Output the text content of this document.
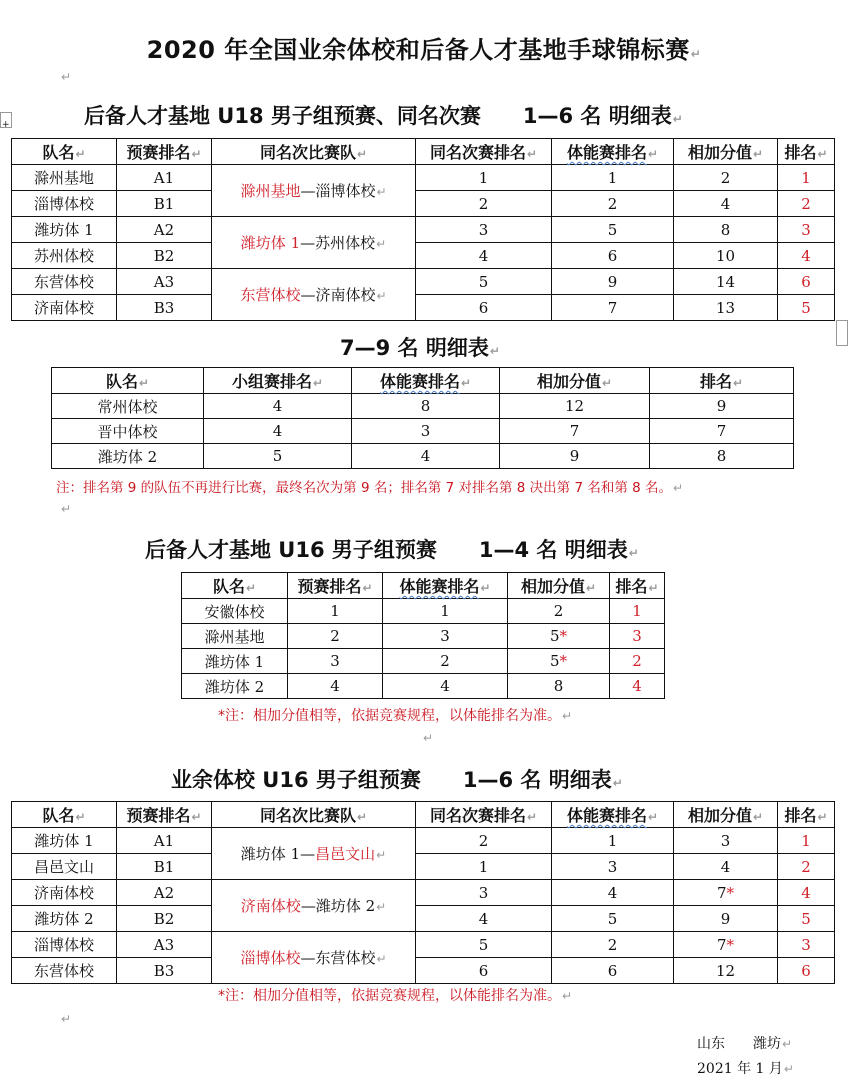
2020 年全国业余体校和后备人才基地手球锦标赛↵
↵
+	后备人才基地 U18 男子组预赛、同名次赛　　1—6 名 明细表↵
队名↵	预赛排名↵	同名次比赛队↵	同名次赛排名↵	体能赛排名↵	相加分值↵	排名↵
滁州基地	A1	滁州基地—淄博体校↵	1	1	2	1
淄博体校	B1		2	2	4	2
潍坊体 1	A2	潍坊体 1—苏州体校↵	3	5	8	3
苏州体校	B2		4	6	10	4
东营体校	A3	东营体校—济南体校↵	5	9	14	6
济南体校	B3		6	7	13	5
7—9 名 明细表↵
队名↵	小组赛排名↵	体能赛排名↵	相加分值↵	排名↵
常州体校	4	8	12	9
晋中体校	4	3	7	7
潍坊体 2	5	4	9	8
注：排名第 9 的队伍不再进行比赛，最终名次为第 9 名；排名第 7 对排名第 8 决出第 7 名和第 8 名。↵
↵
后备人才基地 U16 男子组预赛　　1—4 名 明细表↵
队名↵	预赛排名↵	体能赛排名↵	相加分值↵	排名↵
安徽体校	1	1	2	1
滁州基地	2	3	5*	3
潍坊体 1	3	2	5*	2
潍坊体 2	4	4	8	4
*注：相加分值相等，依据竞赛规程，以体能排名为准。↵
↵
业余体校 U16 男子组预赛　　1—6 名 明细表↵
队名↵	预赛排名↵	同名次比赛队↵	同名次赛排名↵	体能赛排名↵	相加分值↵	排名↵
潍坊体 1	A1	潍坊体 1—昌邑文山↵	2	1	3	1
昌邑文山	B1		1	3	4	2
济南体校	A2	济南体校—潍坊体 2↵	3	4	7*	4
潍坊体 2	B2		4	5	9	5
淄博体校	A3	淄博体校—东营体校↵	5	2	7*	3
东营体校	B3		6	6	12	6
*注：相加分值相等，依据竞赛规程，以体能排名为准。↵
↵
山东　　潍坊↵
2021 年 1 月↵
